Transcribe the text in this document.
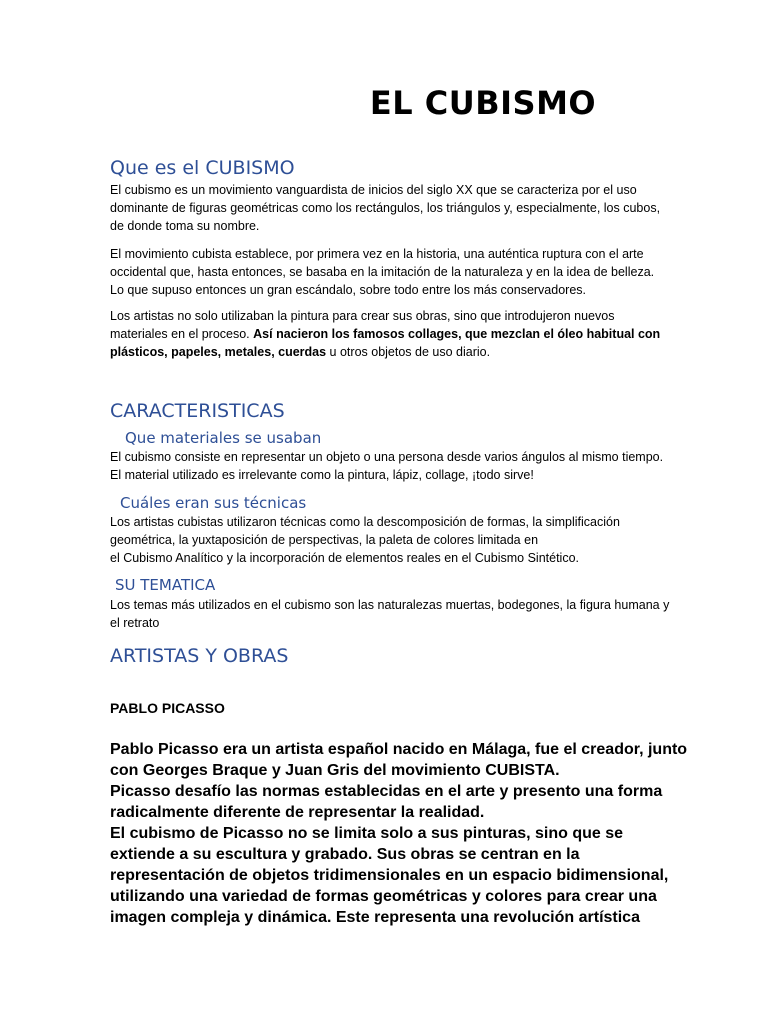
EL CUBISMO
Que es el CUBISMO
El cubismo es un movimiento vanguardista de inicios del siglo XX que se caracteriza por el uso dominante de figuras geométricas como los rectángulos, los triángulos y, especialmente, los cubos, de donde toma su nombre.
El movimiento cubista establece, por primera vez en la historia, una auténtica ruptura con el arte occidental que, hasta entonces, se basaba en la imitación de la naturaleza y en la idea de belleza. Lo que supuso entonces un gran escándalo, sobre todo entre los más conservadores.
Los artistas no solo utilizaban la pintura para crear sus obras, sino que introdujeron nuevos materiales en el proceso. Así nacieron los famosos collages, que mezclan el óleo habitual con plásticos, papeles, metales, cuerdas u otros objetos de uso diario.
CARACTERISTICAS
Que materiales se usaban
El cubismo consiste en representar un objeto o una persona desde varios ángulos al mismo tiempo. El material utilizado es irrelevante como la pintura, lápiz, collage, ¡todo sirve!
Cuáles eran sus técnicas
Los artistas cubistas utilizaron técnicas como la descomposición de formas, la simplificación geométrica, la yuxtaposición de perspectivas, la paleta de colores limitada en
el Cubismo Analítico y la incorporación de elementos reales en el Cubismo Sintético.
SU TEMATICA
Los temas más utilizados en el cubismo son las naturalezas muertas, bodegones, la figura humana y el retrato
ARTISTAS Y OBRAS
PABLO PICASSO
Pablo Picasso era un artista español nacido en Málaga, fue el creador, junto con Georges Braque y Juan Gris del movimiento CUBISTA.
Picasso desafío las normas establecidas en el arte y presento una forma radicalmente diferente de representar la realidad.
El cubismo de Picasso no se limita solo a sus pinturas, sino que se extiende a su escultura y grabado. Sus obras se centran en la representación de objetos tridimensionales en un espacio bidimensional, utilizando una variedad de formas geométricas y colores para crear una imagen compleja y dinámica. Este representa una revolución artística
